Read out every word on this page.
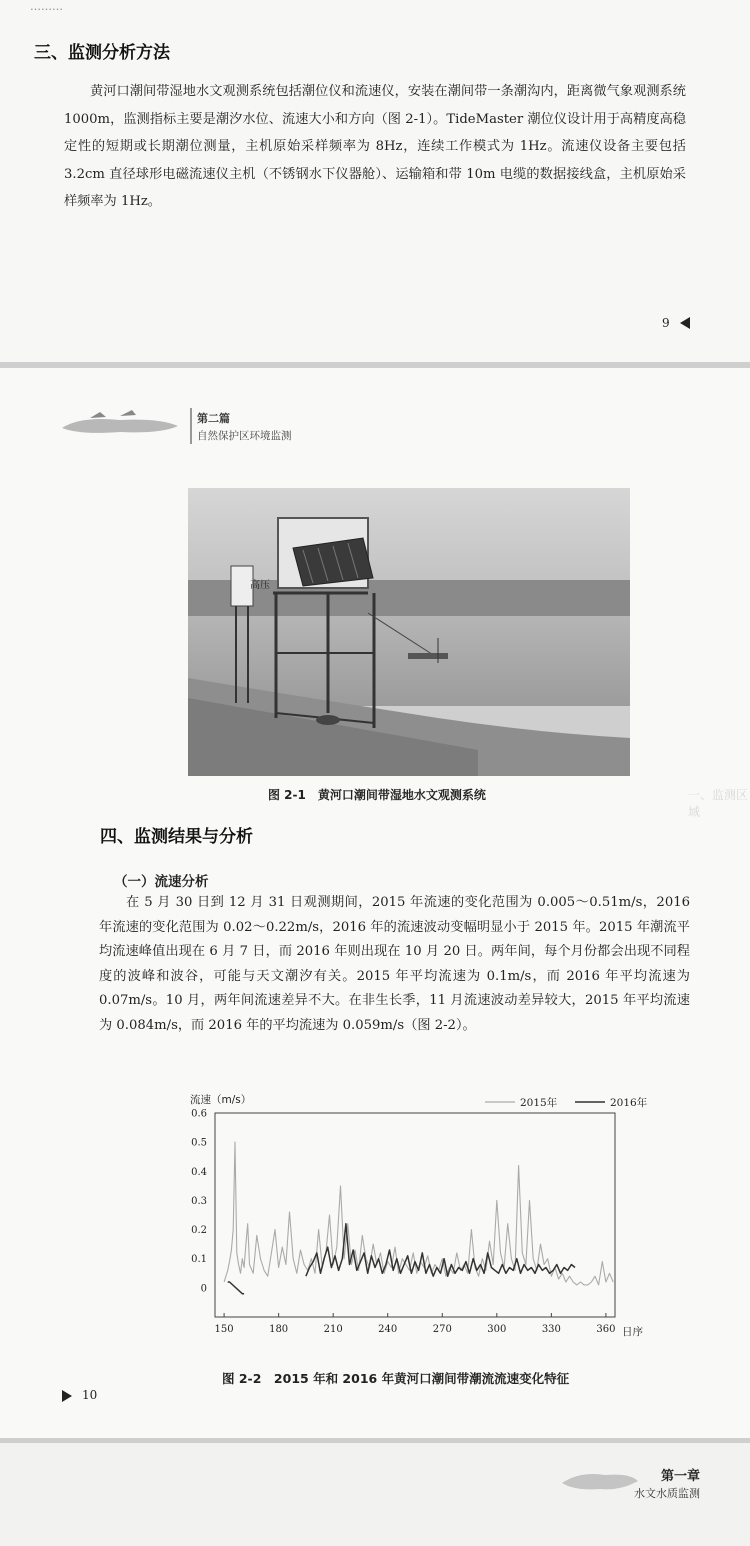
………
三、监测分析方法
黄河口潮间带湿地水文观测系统包括潮位仪和流速仪，安装在潮间带一条潮沟内，距离微气象观测系统 1000m，监测指标主要是潮汐水位、流速大小和方向（图 2-1）。TideMaster 潮位仪设计用于高精度高稳定性的短期或长期潮位测量，主机原始采样频率为 8Hz，连续工作模式为 1Hz。流速仪设备主要包括 3.2cm 直径球形电磁流速仪主机（不锈钢水下仪器舱）、运输箱和带 10m 电缆的数据接线盒，主机原始采样频率为 1Hz。
9
第二篇
自然保护区环境监测
高压
图 2-1　黄河口潮间带湿地水文观测系统	一、监测区域
四、监测结果与分析
（一）流速分析
在 5 月 30 日到 12 月 31 日观测期间，2015 年流速的变化范围为 0.005～0.51m/s，2016 年流速的变化范围为 0.02～0.22m/s，2016 年的流速波动变幅明显小于 2015 年。2015 年潮流平均流速峰值出现在 6 月 7 日，而 2016 年则出现在 10 月 20 日。两年间，每个月份都会出现不同程度的波峰和波谷，可能与天文潮汐有关。2015 年平均流速为 0.1m/s，而 2016 年平均流速为 0.07m/s。10 月，两年间流速差异不大。在非生长季，11 月流速波动差异较大，2015 年平均流速为 0.084m/s，而 2016 年的平均流速为 0.059m/s（图 2-2）。
2015年	2016年
流速（m/s）
日序
0.6
0.5
0.4
0.3
0.2
0.1
0
150	180	210	240	270	300	330	360
图 2-2　2015 年和 2016 年黄河口潮间带潮流流速变化特征
10
第一章
水文水质监测
